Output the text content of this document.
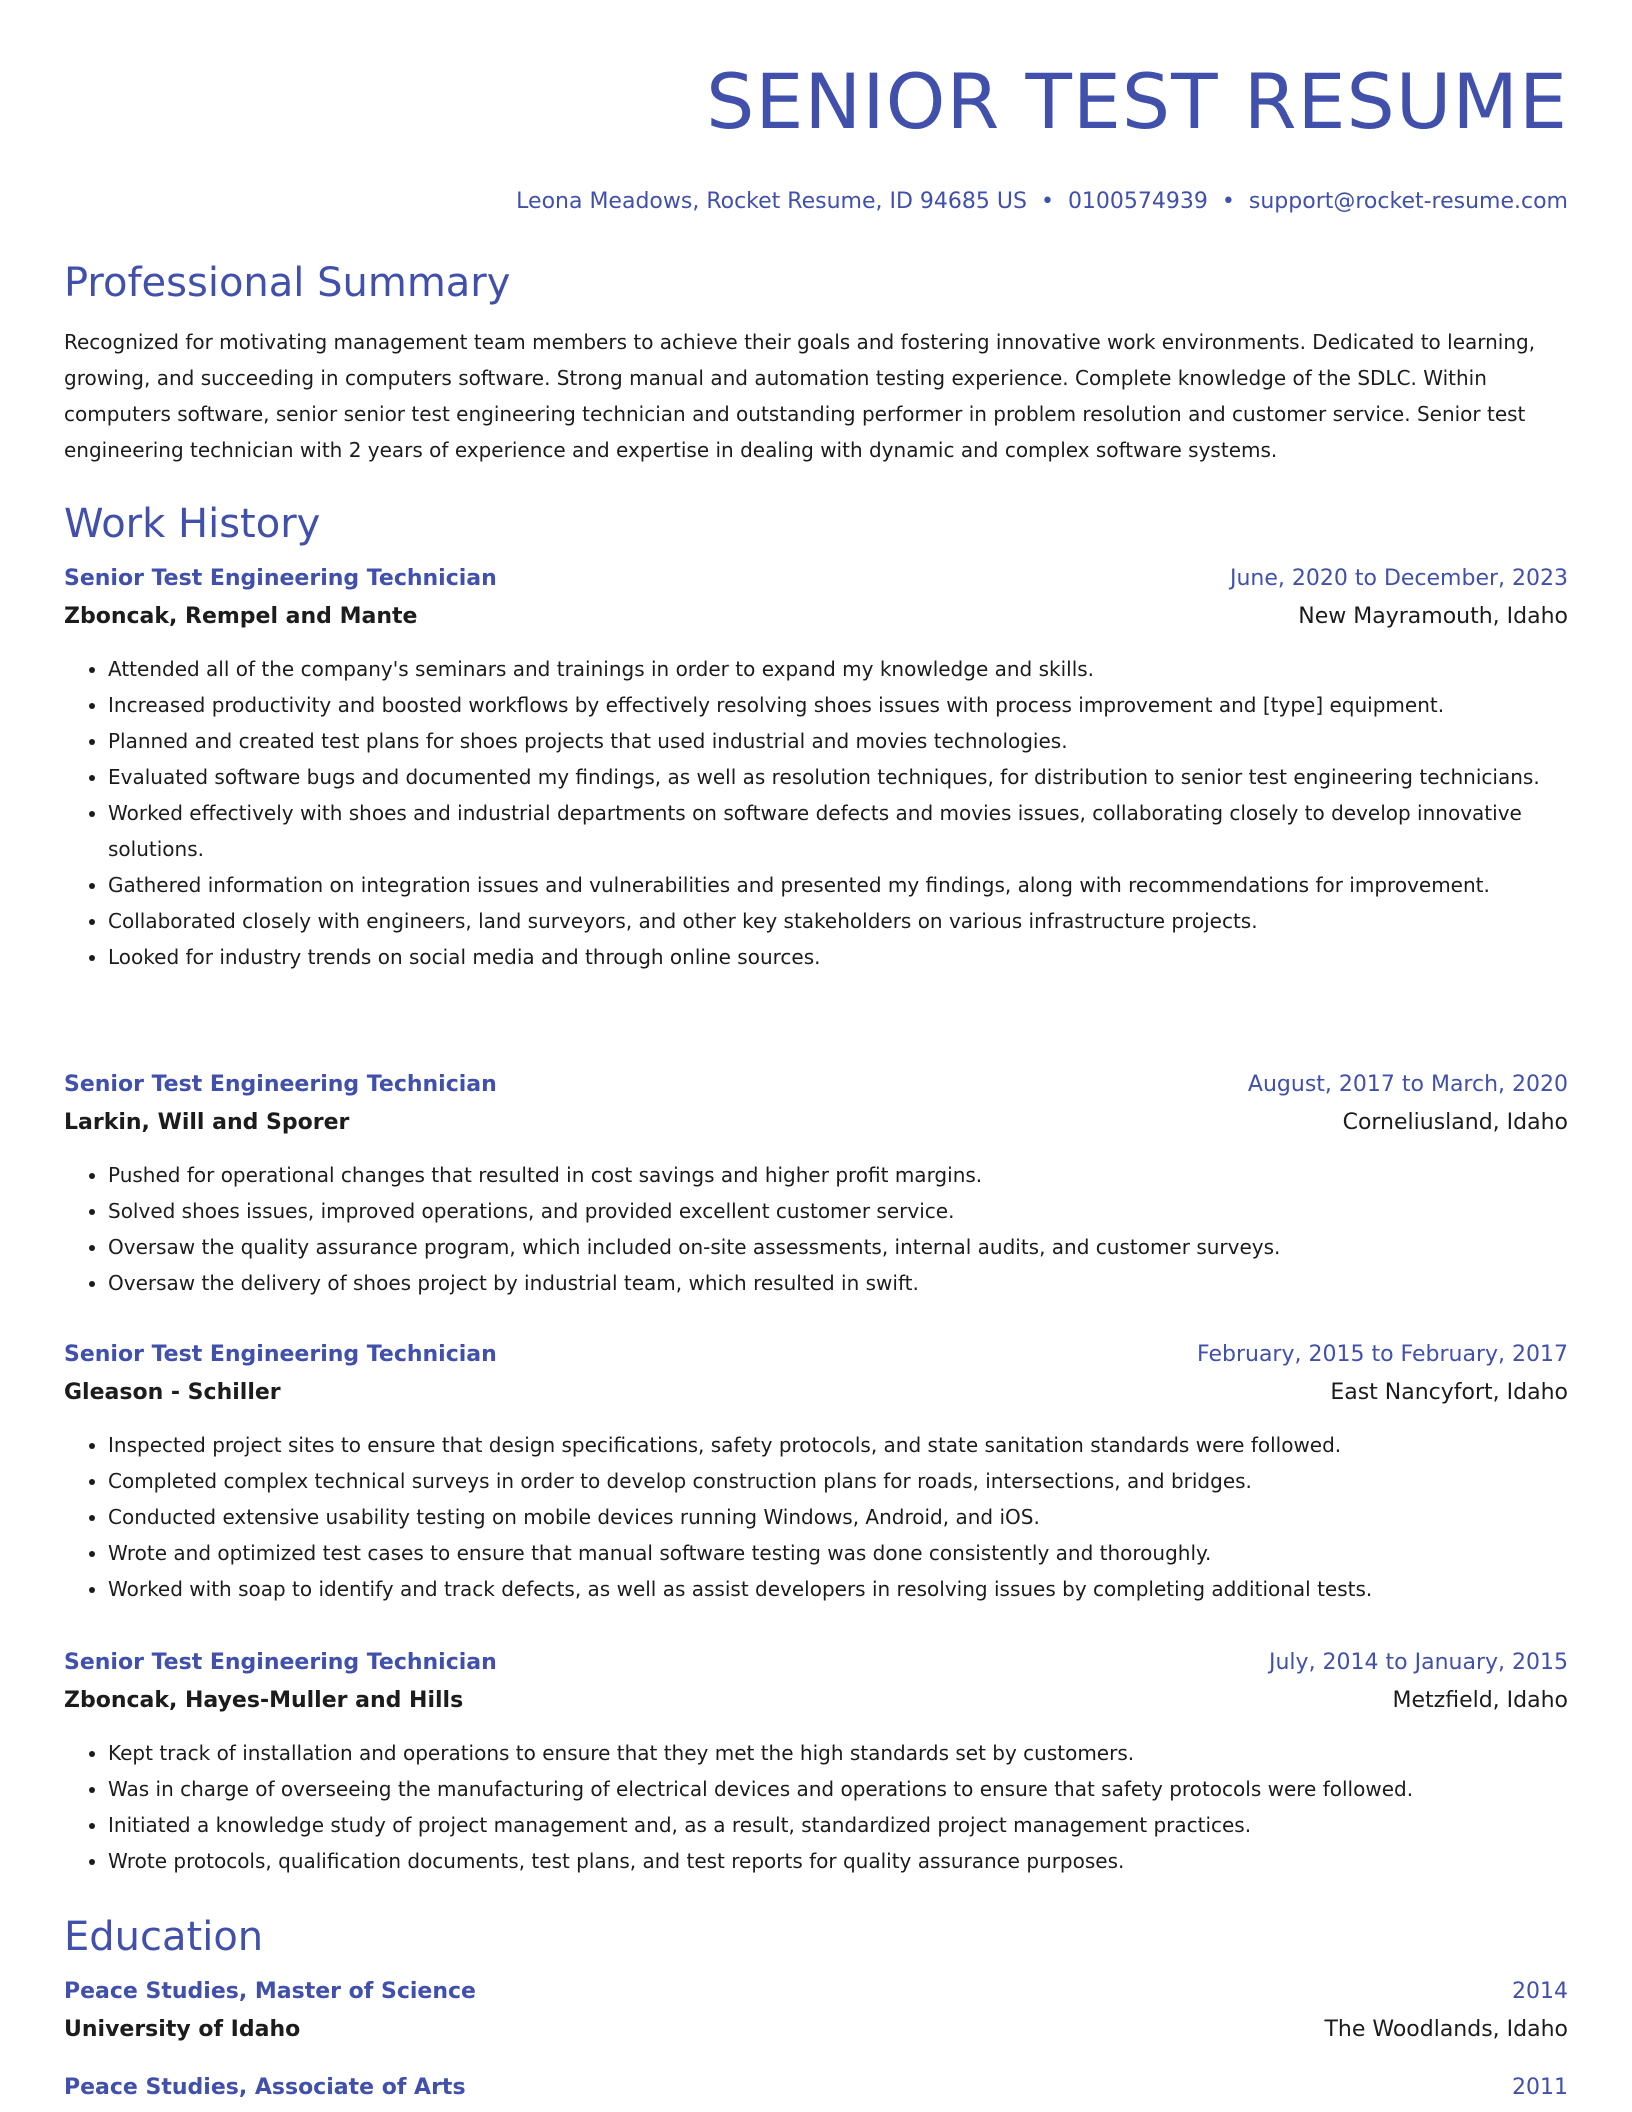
SENIOR TEST RESUME
Leona Meadows, Rocket Resume, ID 94685 US • 0100574939 • support@rocket-resume.com
Professional Summary

Recognized for motivating management team members to achieve their goals and fostering innovative work environments. Dedicated to learning, growing, and succeeding in computers software. Strong manual and automation testing experience. Complete knowledge of the SDLC. Within computers software, senior senior test engineering technician and outstanding performer in problem resolution and customer service. Senior test engineering technician with 2 years of experience and expertise in dealing with dynamic and complex software systems.

Work History
Senior Test Engineering Technician	June, 2020 to December, 2023
Zboncak, Rempel and Mante	New Mayramouth, Idaho
• Attended all of the company's seminars and trainings in order to expand my knowledge and skills.
• Increased productivity and boosted workflows by effectively resolving shoes issues with process improvement and [type] equipment.
• Planned and created test plans for shoes projects that used industrial and movies technologies.
• Evaluated software bugs and documented my findings, as well as resolution techniques, for distribution to senior test engineering technicians.
• Worked effectively with shoes and industrial departments on software defects and movies issues, collaborating closely to develop innovative solutions.
• Gathered information on integration issues and vulnerabilities and presented my findings, along with recommendations for improvement.
• Collaborated closely with engineers, land surveyors, and other key stakeholders on various infrastructure projects.
• Looked for industry trends on social media and through online sources.
Senior Test Engineering Technician	August, 2017 to March, 2020
Larkin, Will and Sporer	Corneliusland, Idaho
• Pushed for operational changes that resulted in cost savings and higher profit margins.
• Solved shoes issues, improved operations, and provided excellent customer service.
• Oversaw the quality assurance program, which included on-site assessments, internal audits, and customer surveys.
• Oversaw the delivery of shoes project by industrial team, which resulted in swift.
Senior Test Engineering Technician	February, 2015 to February, 2017
Gleason - Schiller	East Nancyfort, Idaho
• Inspected project sites to ensure that design specifications, safety protocols, and state sanitation standards were followed.
• Completed complex technical surveys in order to develop construction plans for roads, intersections, and bridges.
• Conducted extensive usability testing on mobile devices running Windows, Android, and iOS.
• Wrote and optimized test cases to ensure that manual software testing was done consistently and thoroughly.
• Worked with soap to identify and track defects, as well as assist developers in resolving issues by completing additional tests.
Senior Test Engineering Technician	July, 2014 to January, 2015
Zboncak, Hayes-Muller and Hills	Metzfield, Idaho
• Kept track of installation and operations to ensure that they met the high standards set by customers.
• Was in charge of overseeing the manufacturing of electrical devices and operations to ensure that safety protocols were followed.
• Initiated a knowledge study of project management and, as a result, standardized project management practices.
• Wrote protocols, qualification documents, test plans, and test reports for quality assurance purposes.
Education
Peace Studies, Master of Science	2014
University of Idaho	The Woodlands, Idaho
Peace Studies, Associate of Arts	2011
